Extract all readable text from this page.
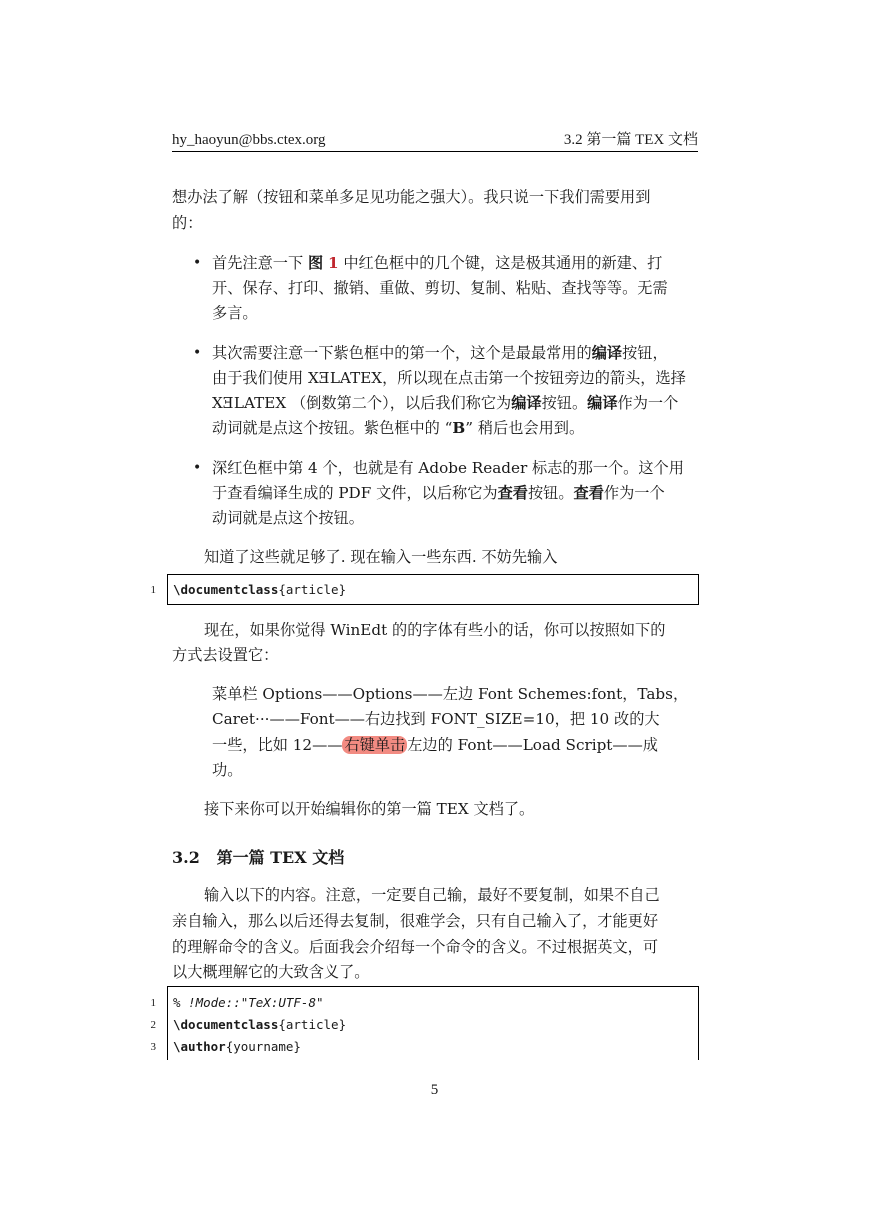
hy_haoyun@bbs.ctex.org	3.2 第一篇 TEX 文档
想办法了解（按钮和菜单多足见功能之强大）。我只说一下我们需要用到
的：
• 首先注意一下 图 1 中红色框中的几个键，这是极其通用的新建、打
开、保存、打印、撤销、重做、剪切、复制、粘贴、查找等等。无需
多言。
• 其次需要注意一下紫色框中的第一个，这个是最最常用的编译按钮，
由于我们使用 XƎLATEX，所以现在点击第一个按钮旁边的箭头，选择
XƎLATEX （倒数第二个），以后我们称它为编译按钮。编译作为一个
动词就是点这个按钮。紫色框中的 “B” 稍后也会用到。
• 深红色框中第 4 个，也就是有 Adobe Reader 标志的那一个。这个用
于查看编译生成的 PDF 文件，以后称它为查看按钮。查看作为一个
动词就是点这个按钮。
知道了这些就足够了. 现在输入一些东西. 不妨先输入
1 \documentclass{article}
现在，如果你觉得 WinEdt 的的字体有些小的话，你可以按照如下的
方式去设置它：
菜单栏 Options——Options——左边 Font Schemes:font，Tabs，
Caret···——Font——右边找到 FONT_SIZE=10，把 10 改的大
一些，比如 12—— 右键单击 左边的 Font——Load Script——成
功。
接下来你可以开始编辑你的第一篇 TEX 文档了。
3.2 第一篇 TEX 文档
输入以下的内容。注意，一定要自己输，最好不要复制，如果不自己
亲自输入，那么以后还得去复制，很难学会，只有自己输入了，才能更好
的理解命令的含义。后面我会介绍每一个命令的含义。不过根据英文，可
以大概理解它的大致含义了。
1
2
3
% !Mode::"TeX:UTF-8"
\documentclass{article}
\author{yourname}
5
